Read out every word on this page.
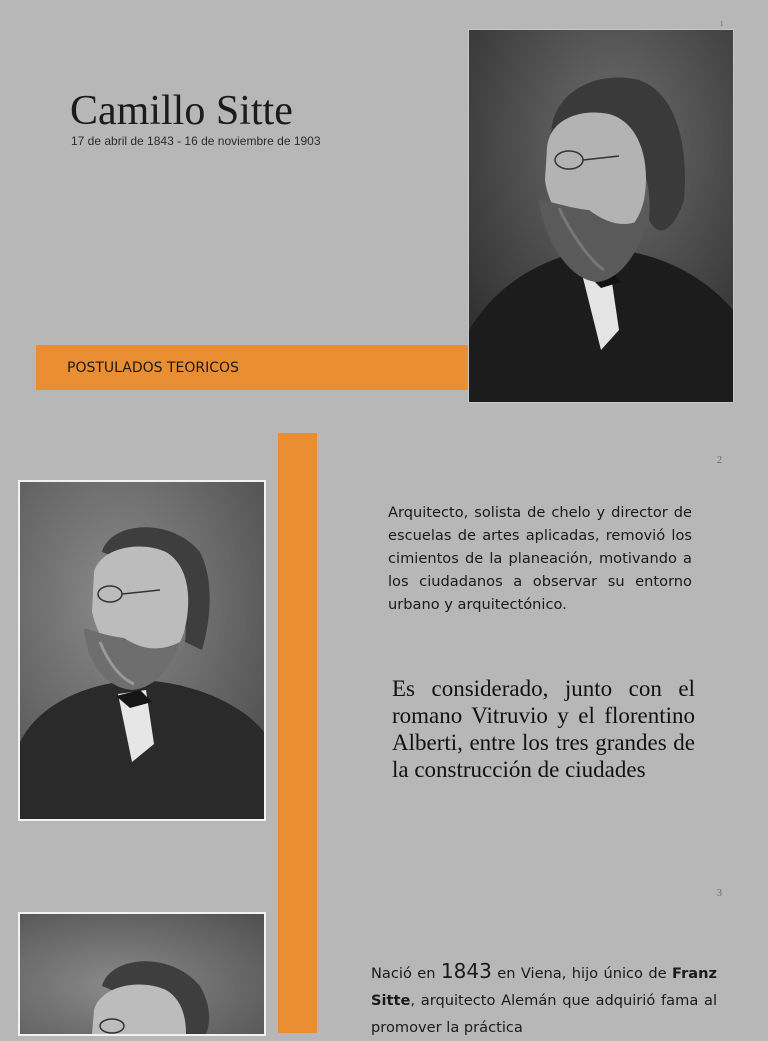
1
Camillo Sitte
17 de abril de 1843 - 16 de noviembre de 1903
POSTULADOS TEORICOS
2
Arquitecto, solista de chelo y director de escuelas de artes aplicadas, removió los cimientos de la planeación, motivando a los ciudadanos a observar su entorno urbano y arquitectónico.
Es considerado, junto con el romano Vitruvio y el florentino Alberti, entre los tres grandes de la construcción de ciudades
3
Nació en 1843 en Viena, hijo único de Franz Sitte, arquitecto Alemán que adquirió fama al promover la práctica
